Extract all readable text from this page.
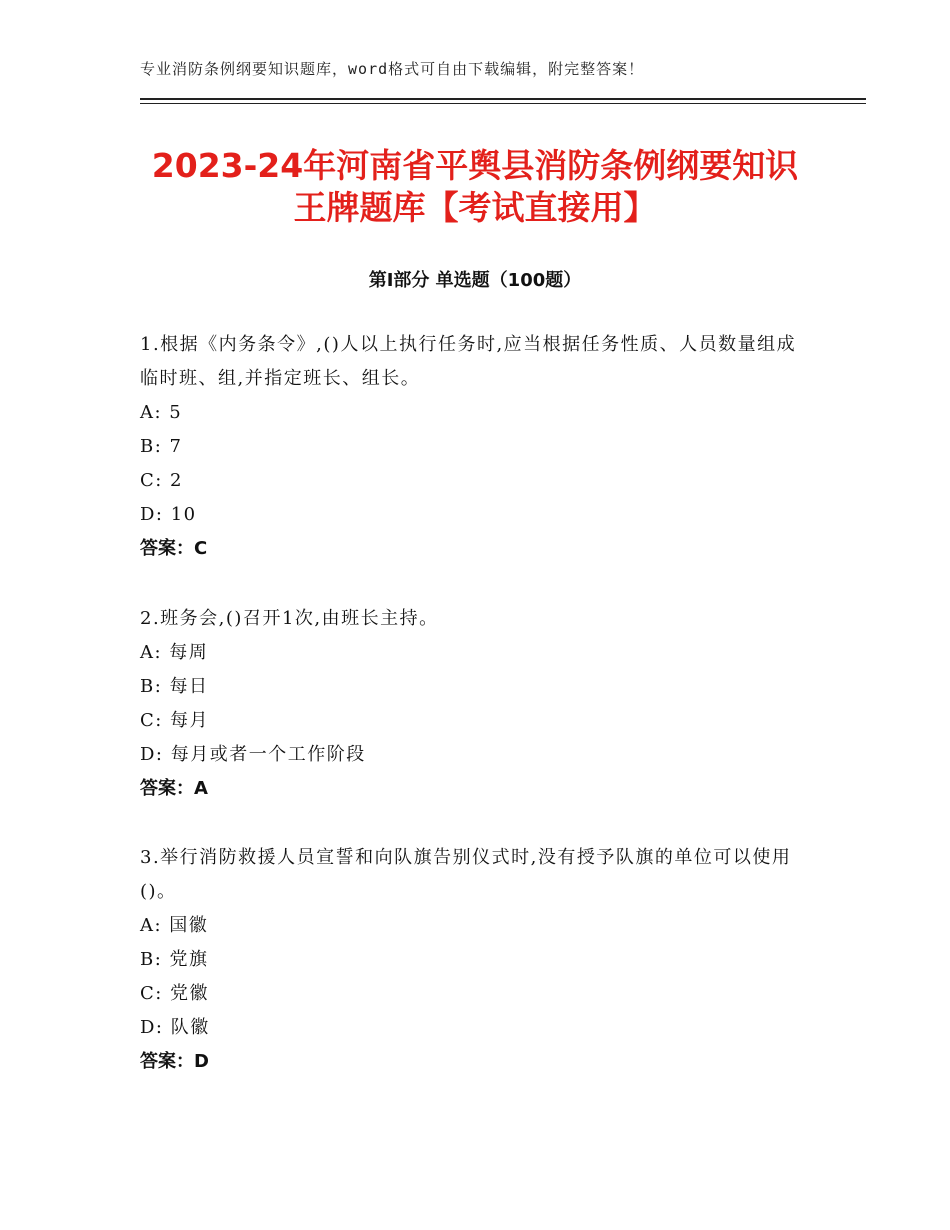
专业消防条例纲要知识题库，word格式可自由下载编辑，附完整答案！
2023-24年河南省平舆县消防条例纲要知识
王牌题库【考试直接用】
第Ⅰ部分 单选题（100题）
1.根据《内务条令》,()人以上执行任务时,应当根据任务性质、人员数量组成临时班、组,并指定班长、组长。
A: 5
B: 7
C: 2
D: 10
答案：C
2.班务会,()召开1次,由班长主持。
A: 每周
B: 每日
C: 每月
D: 每月或者一个工作阶段
答案：A
3.举行消防救援人员宣誓和向队旗告别仪式时,没有授予队旗的单位可以使用()。
A: 国徽
B: 党旗
C: 党徽
D: 队徽
答案：D
